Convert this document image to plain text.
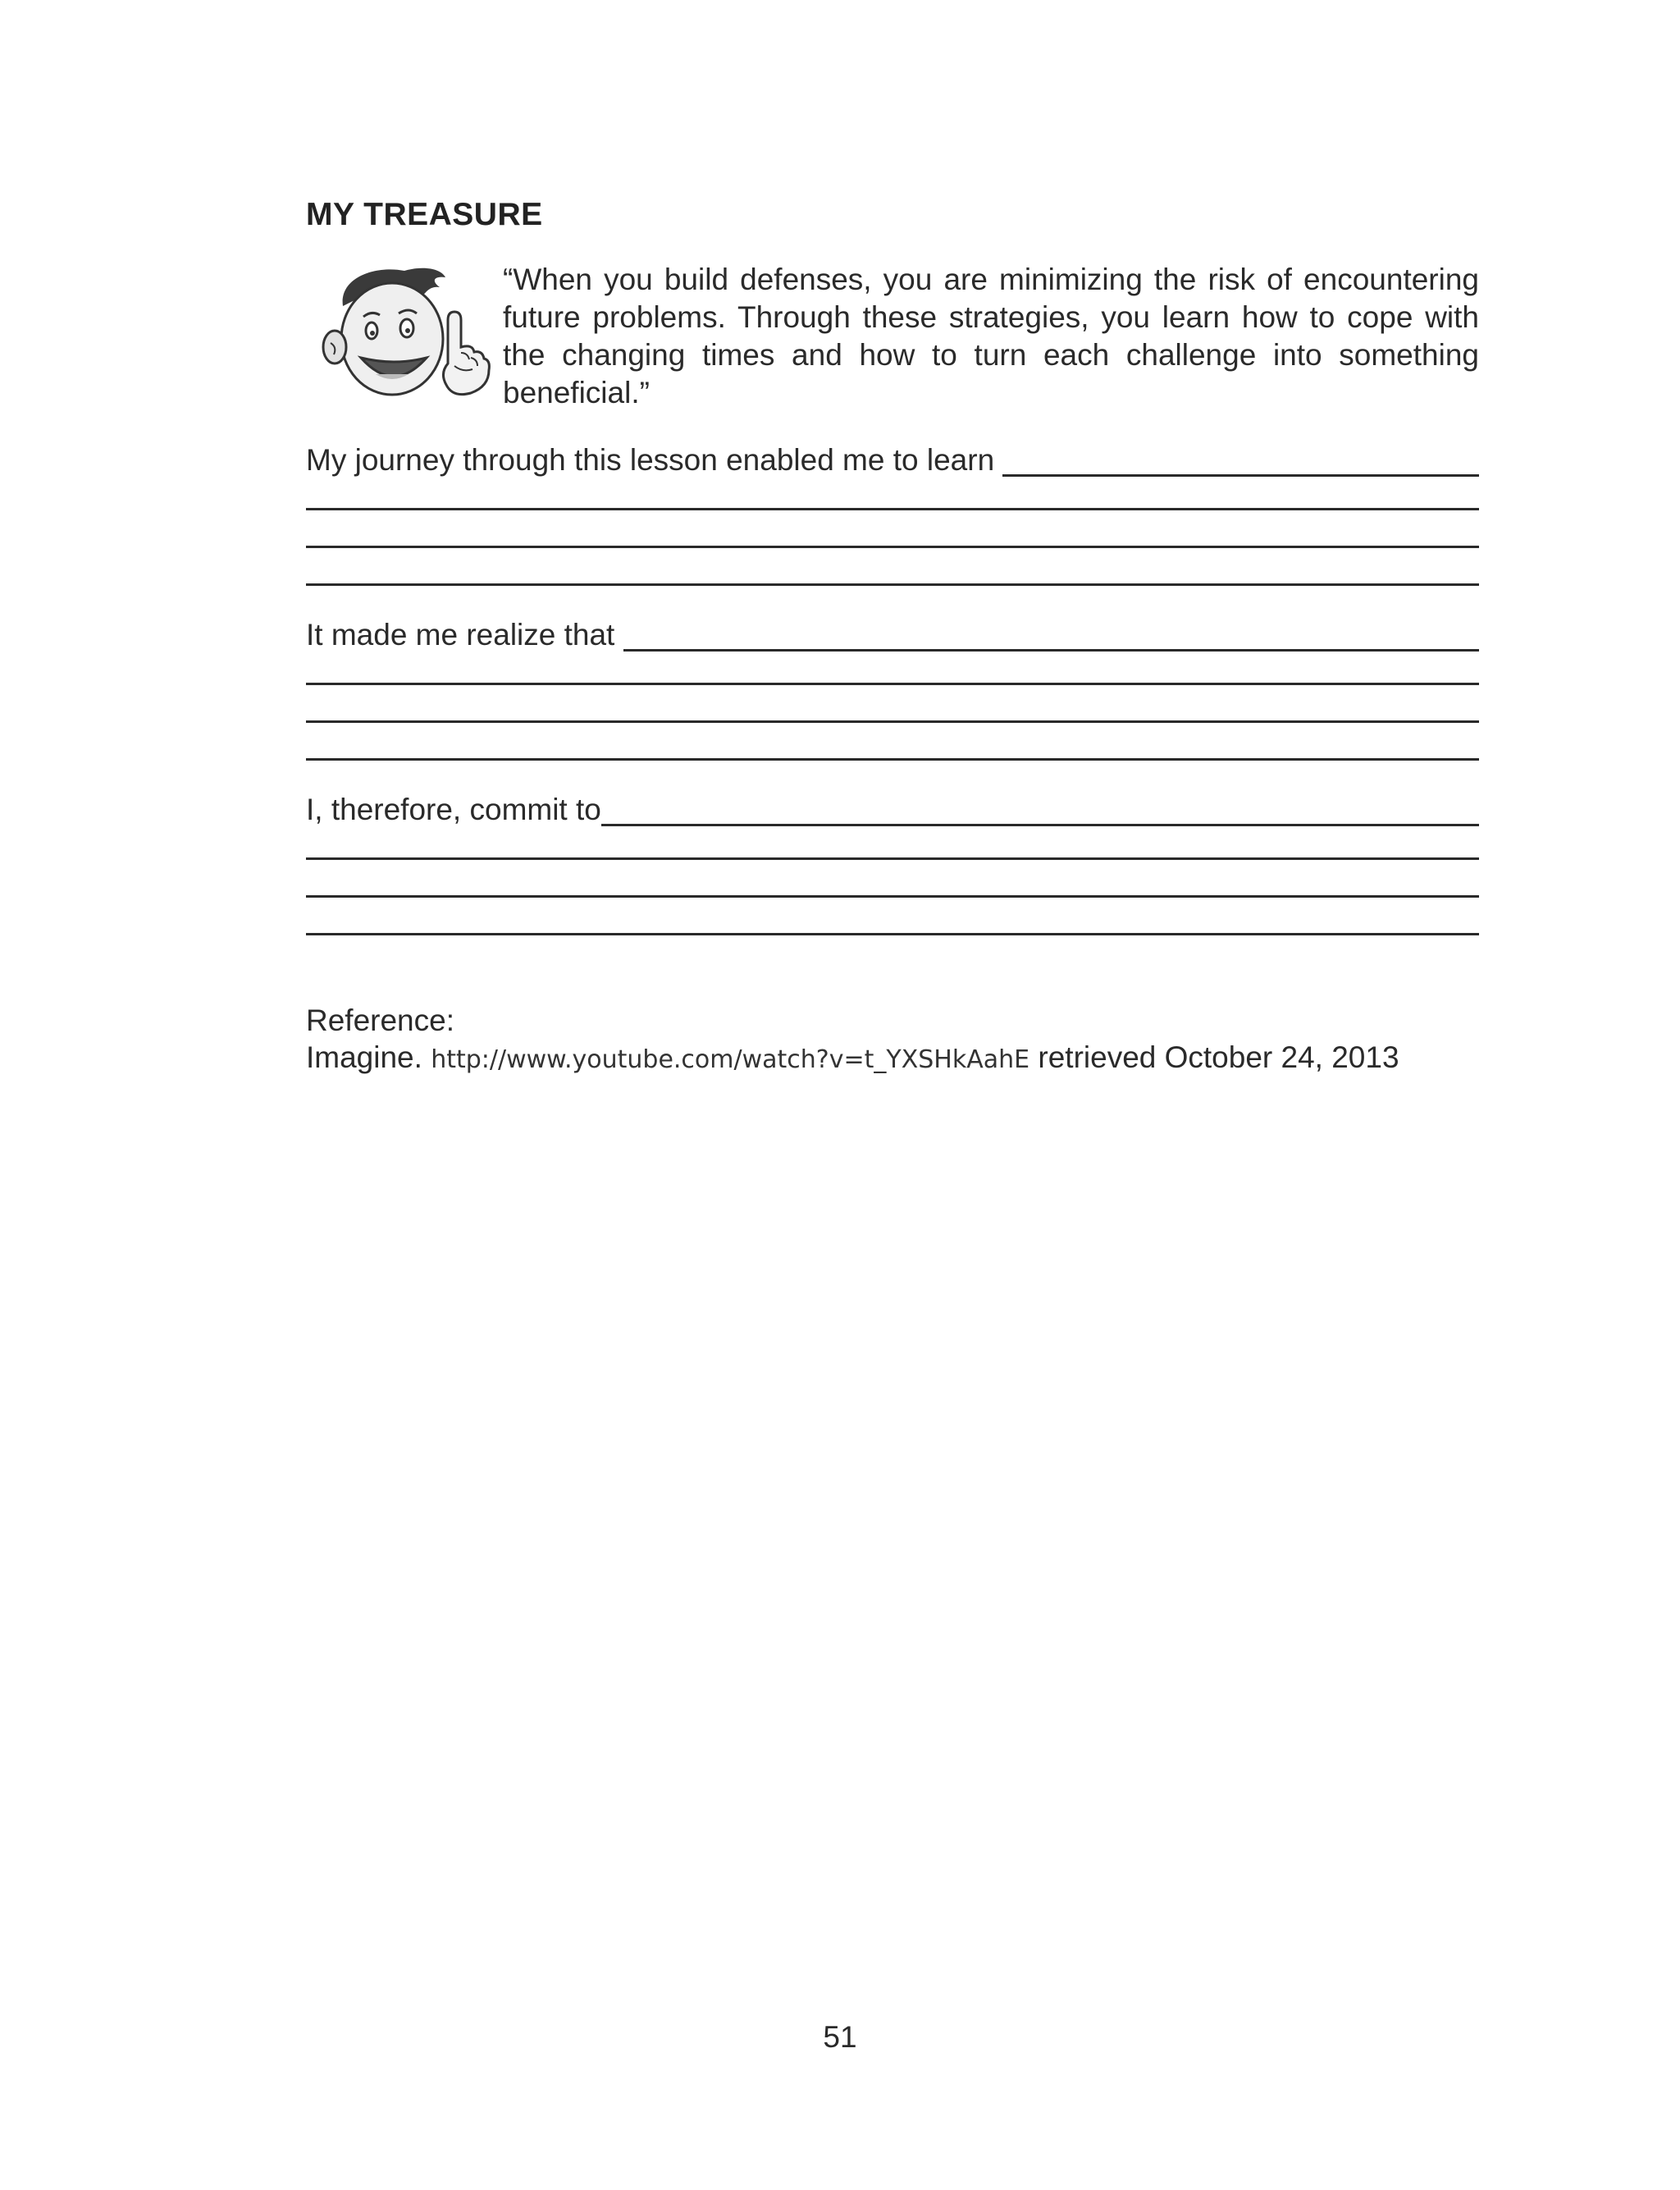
MY TREASURE
“When you build defenses, you are minimizing the risk of encountering future problems. Through these strategies, you learn how to cope with the changing times and how to turn each challenge into something beneficial.”
My journey through this lesson enabled me to learn
It made me realize that
I, therefore, commit to
Reference:
Imagine. http://www.youtube.com/watch?v=t_YXSHkAahE retrieved October 24, 2013
51
